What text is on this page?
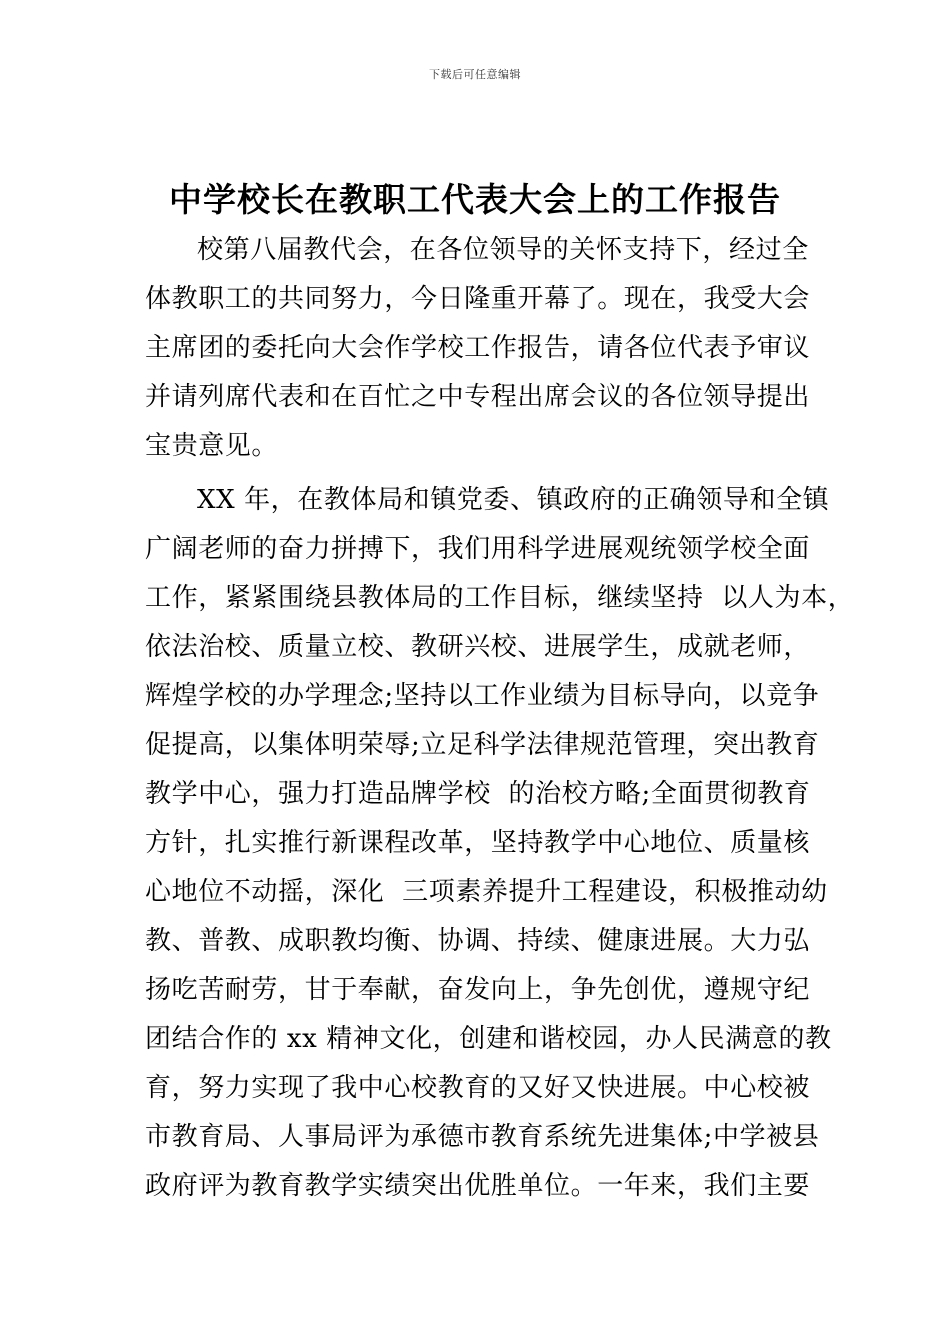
下载后可任意编辑
中学校长在教职工代表大会上的工作报告
校第八届教代会，在各位领导的关怀支持下，经过全
体教职工的共同努力，今日隆重开幕了。现在，我受大会
主席团的委托向大会作学校工作报告，请各位代表予审议
并请列席代表和在百忙之中专程出席会议的各位领导提出
宝贵意见。
XX 年，在教体局和镇党委、镇政府的正确领导和全镇
广阔老师的奋力拼搏下，我们用科学进展观统领学校全面
工作，紧紧围绕县教体局的工作目标，继续坚持  以人为本，
依法治校、质量立校、教研兴校、进展学生，成就老师，
辉煌学校的办学理念;坚持以工作业绩为目标导向，以竞争
促提高，以集体明荣辱;立足科学法律规范管理，突出教育
教学中心，强力打造品牌学校  的治校方略;全面贯彻教育
方针，扎实推行新课程改革，坚持教学中心地位、质量核
心地位不动摇，深化  三项素养提升工程建设，积极推动幼
教、普教、成职教均衡、协调、持续、健康进展。大力弘
扬吃苦耐劳，甘于奉献，奋发向上，争先创优，遵规守纪
团结合作的 xx 精神文化，创建和谐校园，办人民满意的教
育，努力实现了我中心校教育的又好又快进展。中心校被
市教育局、人事局评为承德市教育系统先进集体;中学被县
政府评为教育教学实绩突出优胜单位。一年来，我们主要
